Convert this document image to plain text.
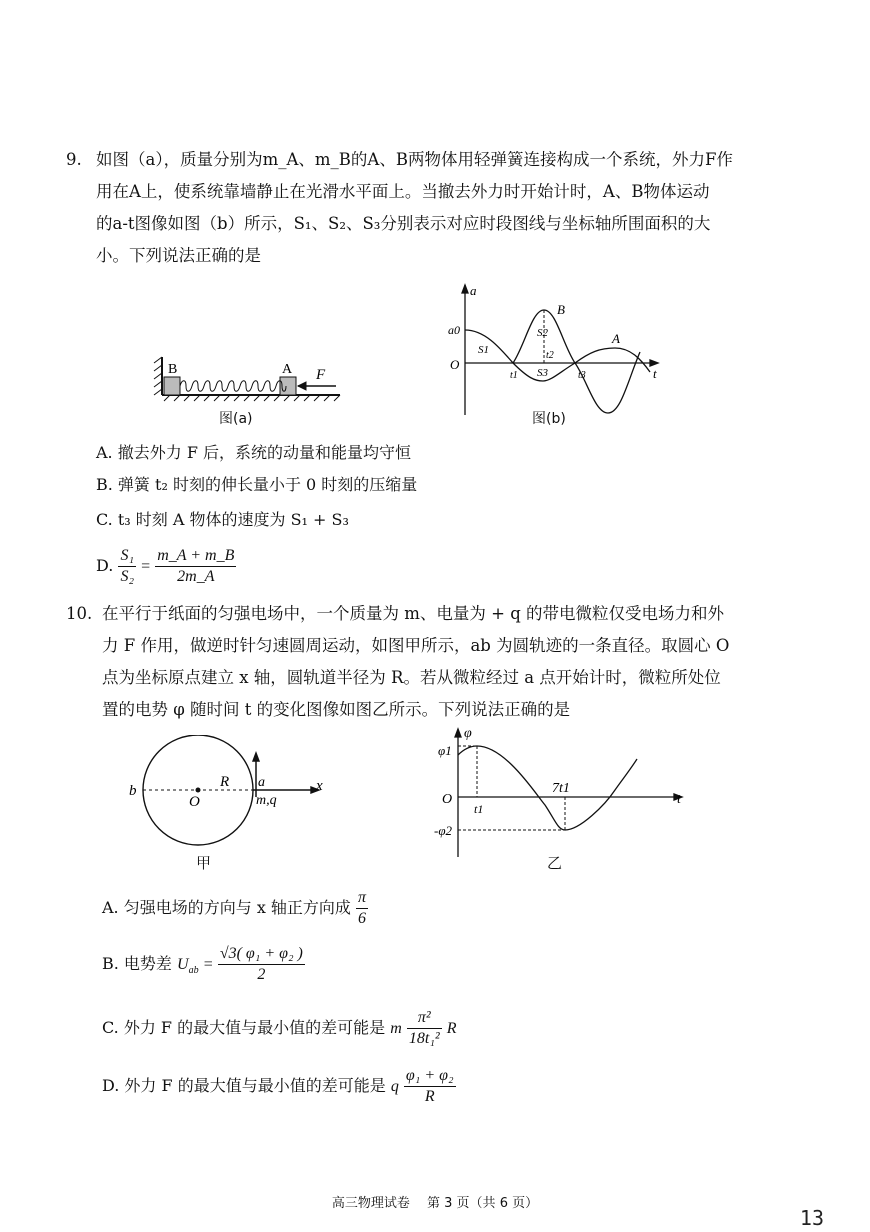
9. 如图（a），质量分别为m_A、m_B的A、B两物体用轻弹簧连接构成一个系统，外力F作
用在A上，使系统靠墙静止在光滑水平面上。当撤去外力时开始计时，A、B物体运动
的a-t图像如图（b）所示，S₁、S₂、S₃分别表示对应时段图线与坐标轴所围面积的大
小。下列说法正确的是
B	A F
图(a)
a
t
O
a0
S1
S2
S3
t1
t2
t3
B
A
图(b)
A. 撤去外力 F 后，系统的动量和能量均守恒
B. 弹簧 t₂ 时刻的伸长量小于 0 时刻的压缩量
C. t₃ 时刻 A 物体的速度为 S₁ + S₃
D. $\frac{\text{S₁}}{\text{S₂}} = \frac{m\_A + m\_B}{2m\_A}$
10. 在平行于纸面的匀强电场中，一个质量为 m、电量为 + q 的带电微粒仅受电场力和外
力 F 作用，做逆时针匀速圆周运动，如图甲所示，ab 为圆轨迹的一条直径。取圆心 O
点为坐标原点建立 x 轴，圆轨道半径为 R。若从微粒经过 a 点开始计时，微粒所处位
置的电势 φ 随时间 t 的变化图像如图乙所示。下列说法正确的是
b
O
R a
m,q
x
甲
φ
φ1
O
-φ2
t1
7t1
t
乙
A. 匀强电场的方向与 x 轴正方向成 $\frac{\pi}{6}$
B. 电势差 $U_{ab} = \frac{\text{√3( φ₁ + φ₂ )}}{2}$
C. 外力 F 的最大值与最小值的差可能是 m $\frac{\text{π²}}{\text{18t₁²}}$ R
D. 外力 F 的最大值与最小值的差可能是 q $\frac{\text{φ₁ + φ₂}}{R}$
高三物理试卷　 第 3 页（共 6 页）
13
